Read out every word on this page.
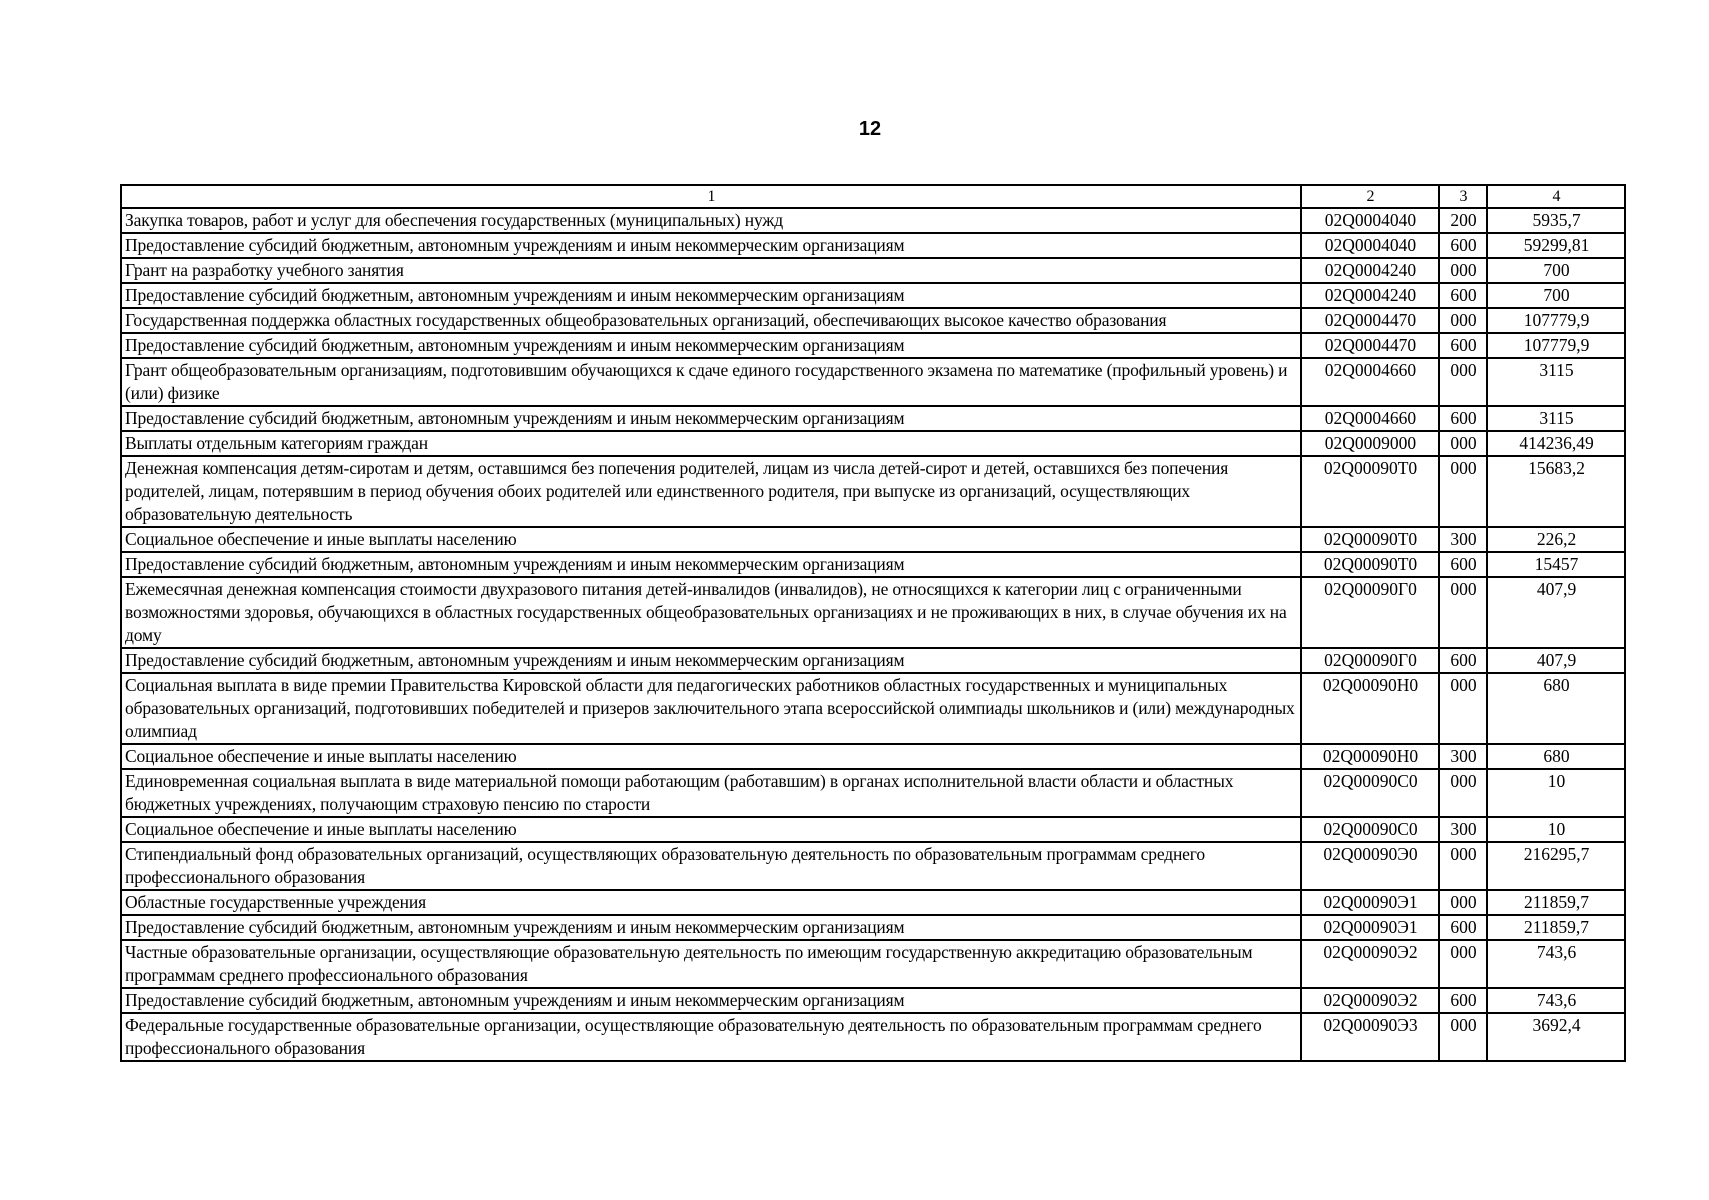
12
1	2	3	4
Закупка товаров, работ и услуг для обеспечения государственных (муниципальных) нужд	02Q0004040	200	5935,7
Предоставление субсидий бюджетным, автономным учреждениям и иным некоммерческим организациям	02Q0004040	600	59299,81
Грант на разработку учебного занятия	02Q0004240	000	700
Предоставление субсидий бюджетным, автономным учреждениям и иным некоммерческим организациям	02Q0004240	600	700
Государственная поддержка областных государственных общеобразовательных организаций, обеспечивающих высокое качество образования	02Q0004470	000	107779,9
Предоставление субсидий бюджетным, автономным учреждениям и иным некоммерческим организациям	02Q0004470	600	107779,9
Грант общеобразовательным организациям, подготовившим обучающихся к сдаче единого государственного экзамена по математике (профильный уровень) и (или) физике	02Q0004660	000	3115
Предоставление субсидий бюджетным, автономным учреждениям и иным некоммерческим организациям	02Q0004660	600	3115
Выплаты отдельным категориям граждан	02Q0009000	000	414236,49
Денежная компенсация детям-сиротам и детям, оставшимся без попечения родителей, лицам из числа детей-сирот и детей, оставшихся без попечения родителей, лицам, потерявшим в период обучения обоих родителей или единственного родителя, при выпуске из организаций, осуществляющих образовательную деятельность	02Q00090Т0	000	15683,2
Социальное обеспечение и иные выплаты населению	02Q00090Т0	300	226,2
Предоставление субсидий бюджетным, автономным учреждениям и иным некоммерческим организациям	02Q00090Т0	600	15457
Ежемесячная денежная компенсация стоимости двухразового питания детей-инвалидов (инвалидов), не относящихся к категории лиц с ограниченными возможностями здоровья, обучающихся в областных государственных общеобразовательных организациях и не проживающих в них, в случае обучения их на дому	02Q00090Г0	000	407,9
Предоставление субсидий бюджетным, автономным учреждениям и иным некоммерческим организациям	02Q00090Г0	600	407,9
Социальная выплата в виде премии Правительства Кировской области для педагогических работников областных государственных и муниципальных образовательных организаций, подготовивших победителей и призеров заключительного этапа всероссийской олимпиады школьников и (или) международных олимпиад	02Q00090Н0	000	680
Социальное обеспечение и иные выплаты населению	02Q00090Н0	300	680
Единовременная социальная выплата в виде материальной помощи работающим (работавшим) в органах исполнительной власти области и областных бюджетных учреждениях, получающим страховую пенсию по старости	02Q00090С0	000	10
Социальное обеспечение и иные выплаты населению	02Q00090С0	300	10
Стипендиальный фонд образовательных организаций, осуществляющих образовательную деятельность по образовательным программам среднего профессионального образования	02Q00090Э0	000	216295,7
Областные государственные учреждения	02Q00090Э1	000	211859,7
Предоставление субсидий бюджетным, автономным учреждениям и иным некоммерческим организациям	02Q00090Э1	600	211859,7
Частные образовательные организации, осуществляющие образовательную деятельность по имеющим государственную аккредитацию образовательным программам среднего профессионального образования	02Q00090Э2	000	743,6
Предоставление субсидий бюджетным, автономным учреждениям и иным некоммерческим организациям	02Q00090Э2	600	743,6
Федеральные государственные образовательные организации, осуществляющие образовательную деятельность по образовательным программам среднего профессионального образования	02Q00090Э3	000	3692,4
